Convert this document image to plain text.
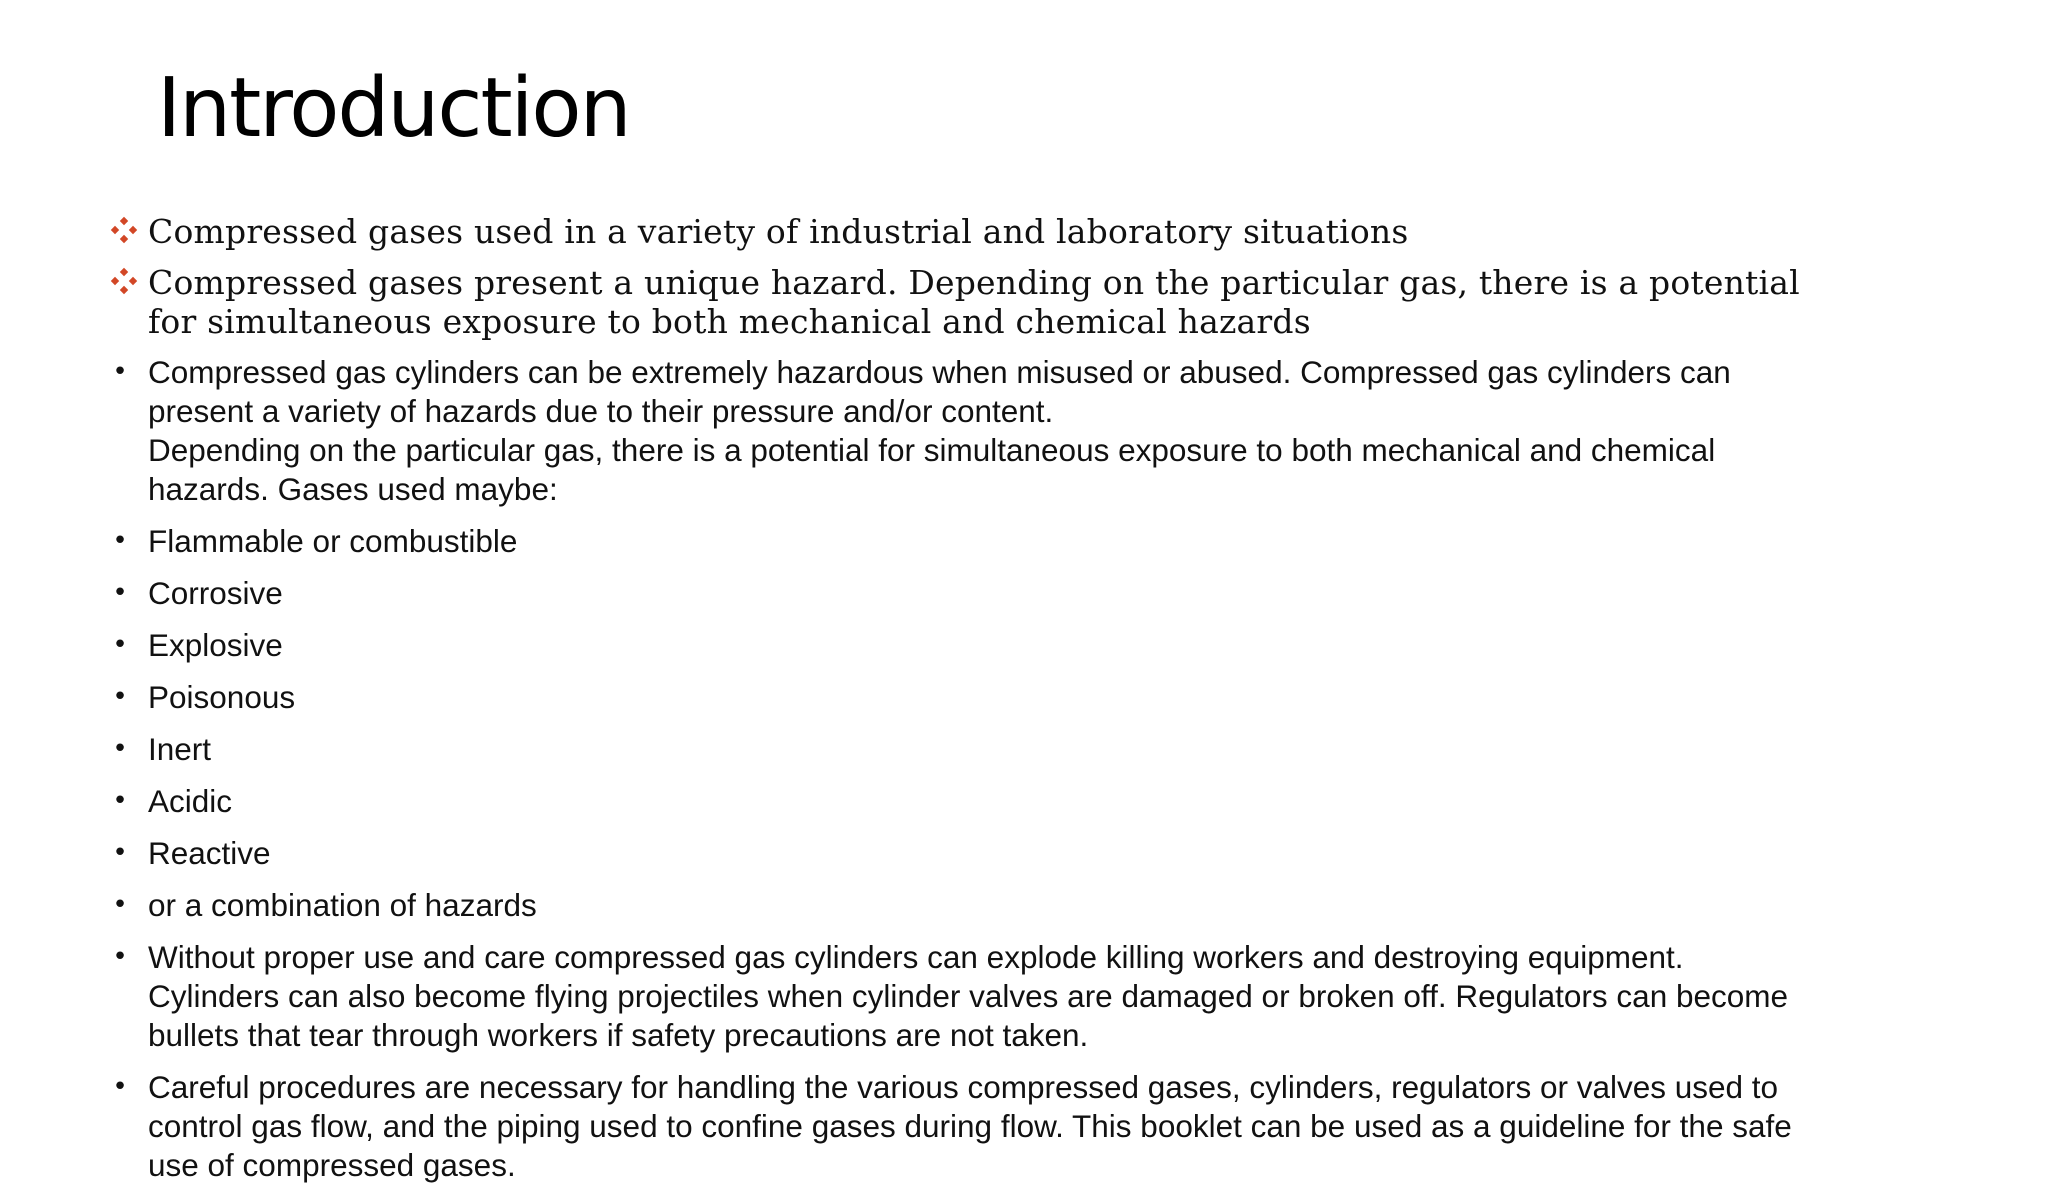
Introduction
Compressed gases used in a variety of industrial and laboratory situations
Compressed gases present a unique hazard. Depending on the particular gas, there is a potential
for simultaneous exposure to both mechanical and chemical hazards
• Compressed gas cylinders can be extremely hazardous when misused or abused. Compressed gas cylinders can
present a variety of hazards due to their pressure and/or content.
Depending on the particular gas, there is a potential for simultaneous exposure to both mechanical and chemical
hazards. Gases used maybe:
• Flammable or combustible
• Corrosive
• Explosive
• Poisonous
• Inert
• Acidic
• Reactive
• or a combination of hazards
• Without proper use and care compressed gas cylinders can explode killing workers and destroying equipment.
Cylinders can also become flying projectiles when cylinder valves are damaged or broken off. Regulators can become
bullets that tear through workers if safety precautions are not taken.
• Careful procedures are necessary for handling the various compressed gases, cylinders, regulators or valves used to
control gas flow, and the piping used to confine gases during flow. This booklet can be used as a guideline for the safe
use of compressed gases.
